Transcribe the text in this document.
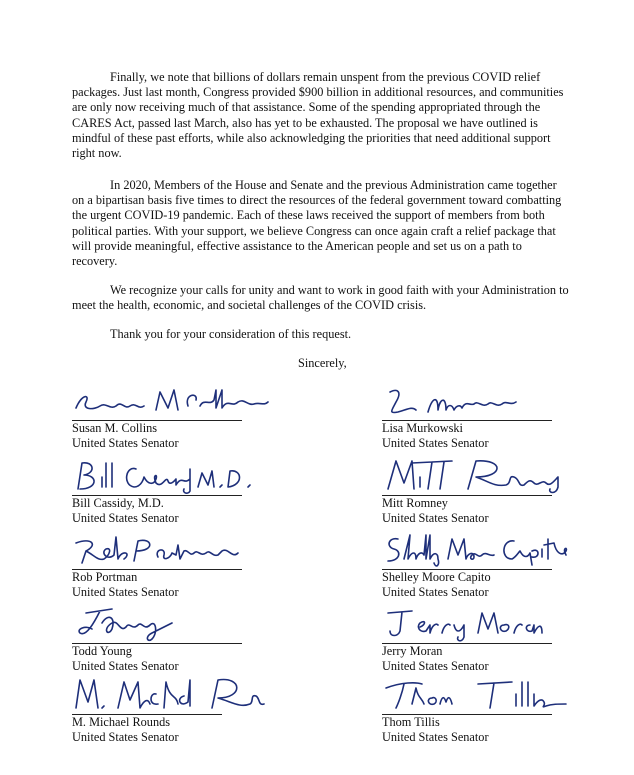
Finally, we note that billions of dollars remain unspent from the previous COVID relief packages. Just last month, Congress provided $900 billion in additional resources, and communities are only now receiving much of that assistance. Some of the spending appropriated through the CARES Act, passed last March, also has yet to be exhausted. The proposal we have outlined is mindful of these past efforts, while also acknowledging the priorities that need additional support right now.

In 2020, Members of the House and Senate and the previous Administration came together on a bipartisan basis five times to direct the resources of the federal government toward combatting the urgent COVID-19 pandemic. Each of these laws received the support of members from both political parties. With your support, we believe Congress can once again craft a relief package that will provide meaningful, effective assistance to the American people and set us on a path to recovery.

We recognize your calls for unity and want to work in good faith with your Administration to meet the health, economic, and societal challenges of the COVID crisis.

Thank you for your consideration of this request.

Sincerely,
Susan M. Collins
United States Senator
Bill Cassidy, M.D.
United States Senator
Rob Portman
United States Senator
Todd Young
United States Senator
M. Michael Rounds
United States Senator
Lisa Murkowski
United States Senator
Mitt Romney
United States Senator
Shelley Moore Capito
United States Senator
Jerry Moran
United States Senator
Thom Tillis
United States Senator
